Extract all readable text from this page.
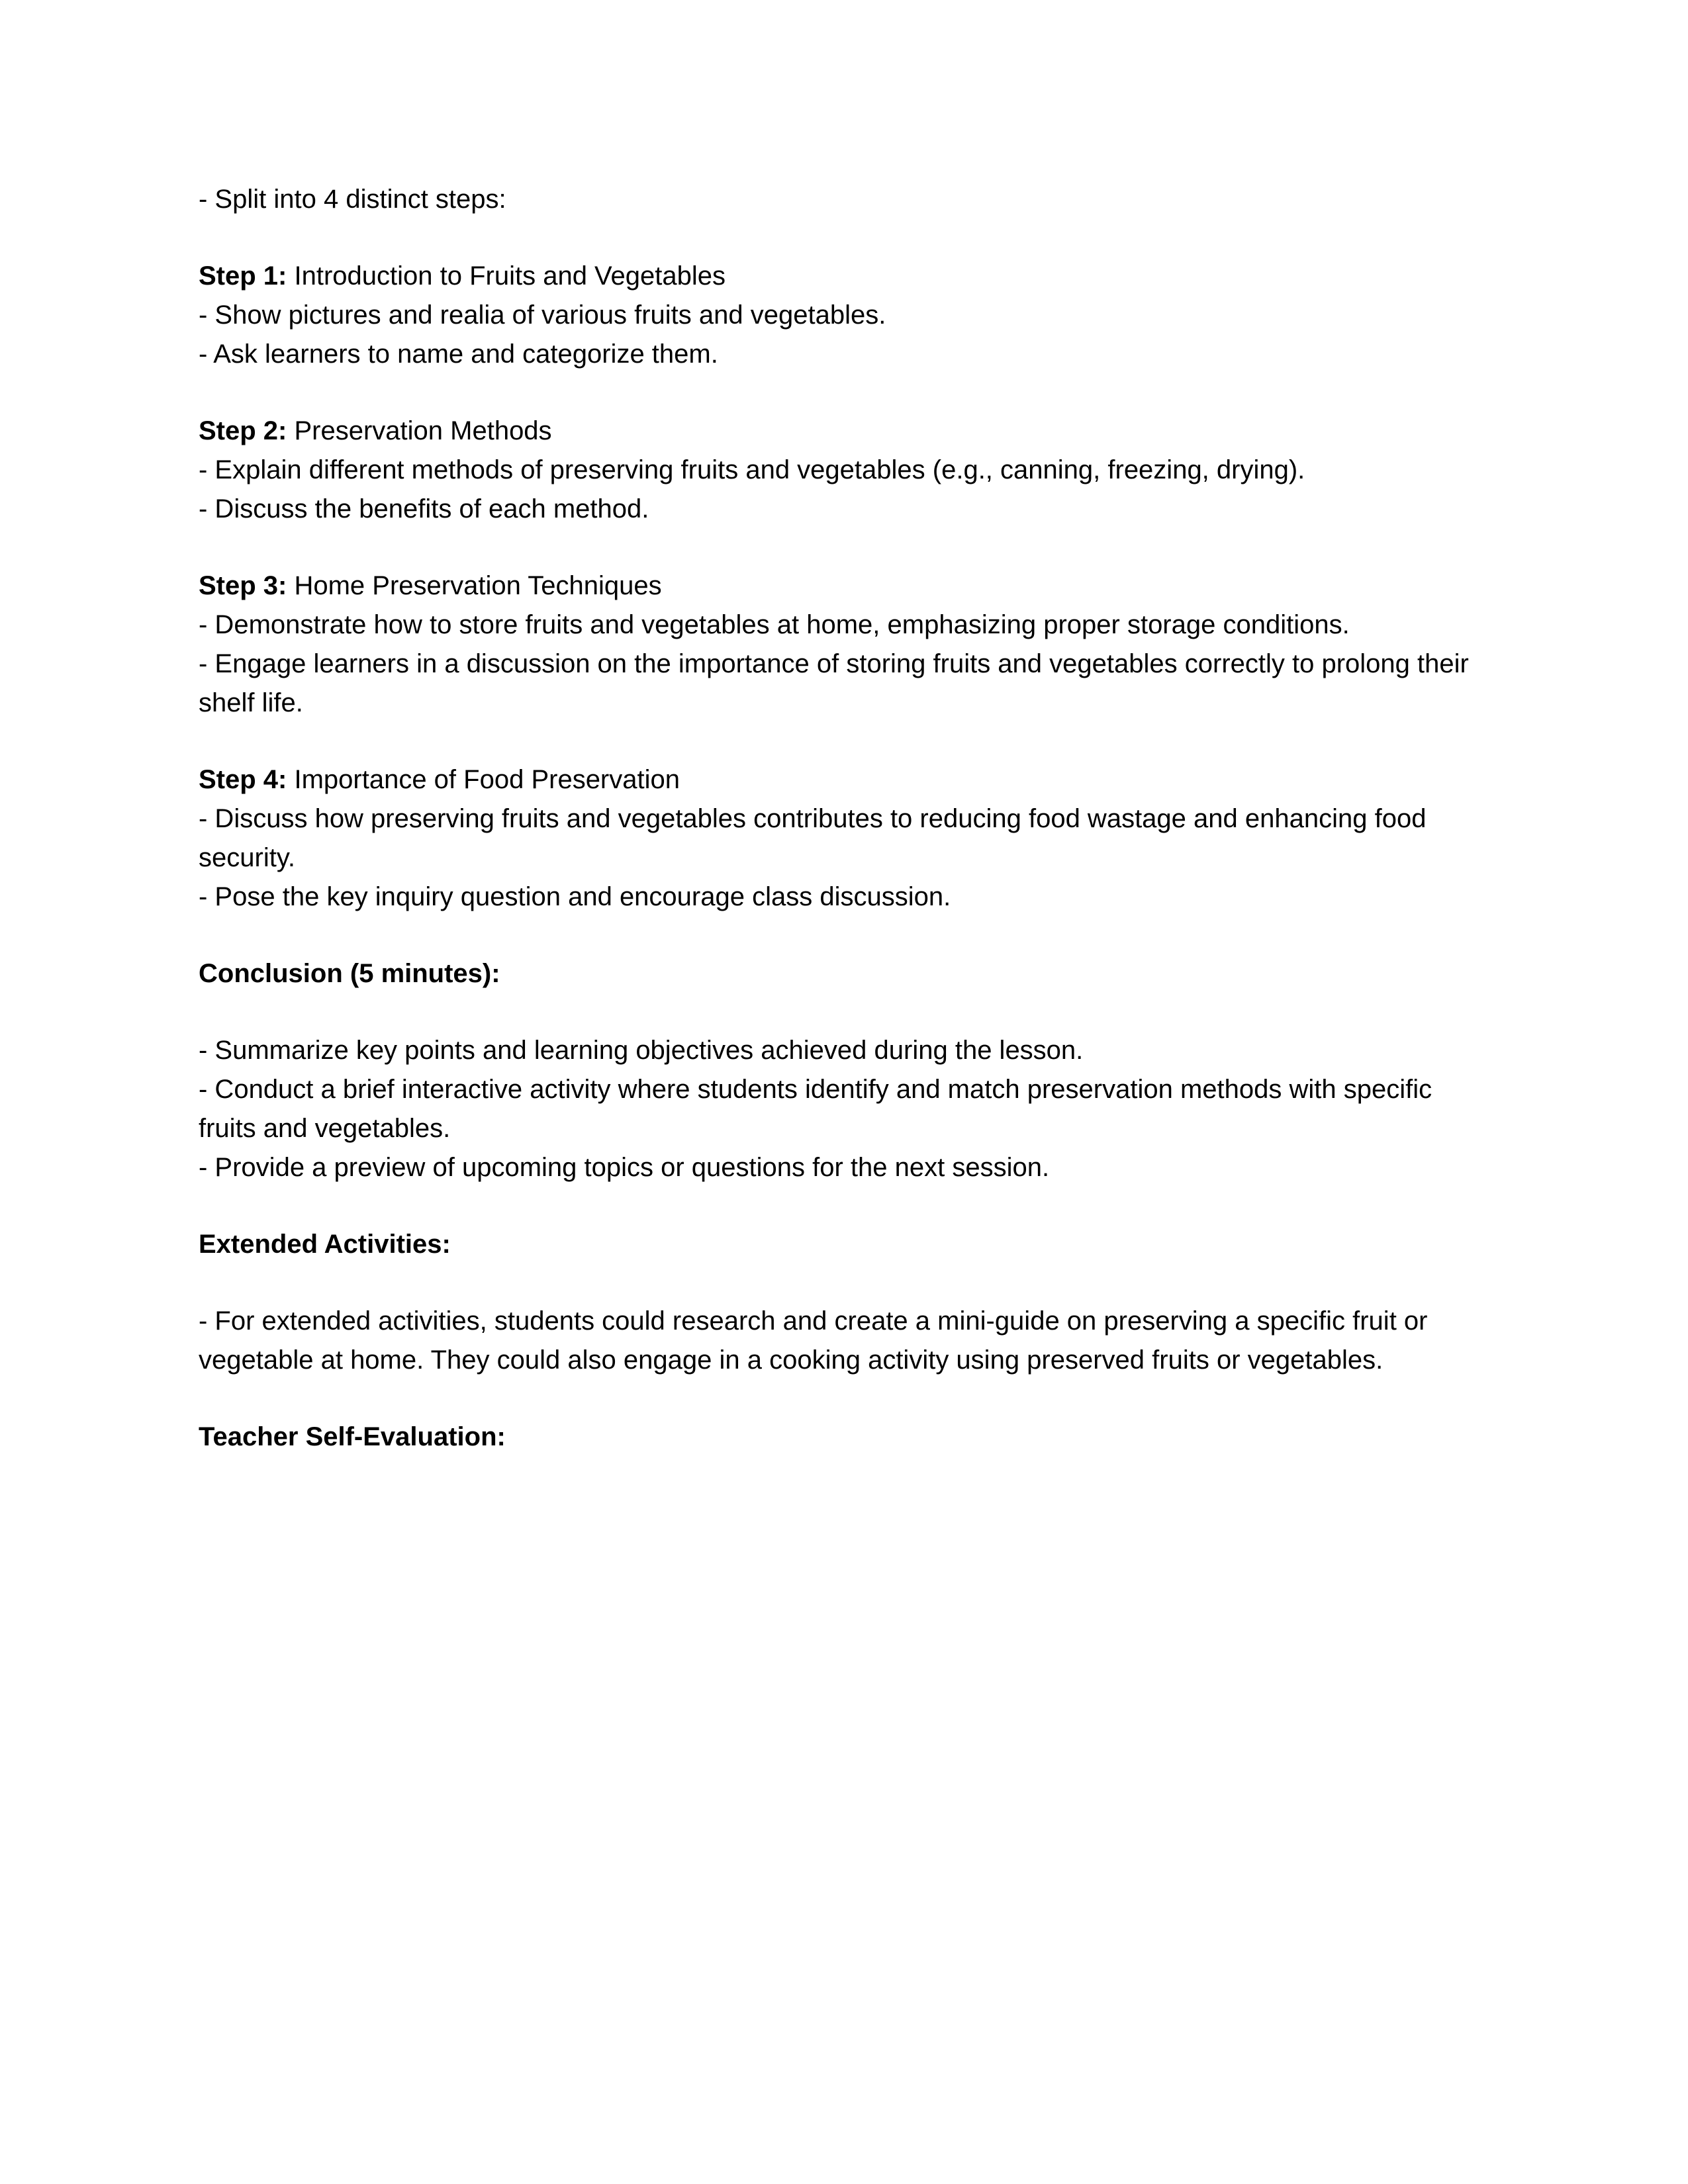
- Split into 4 distinct steps:
Step 1: Introduction to Fruits and Vegetables
- Show pictures and realia of various fruits and vegetables.
- Ask learners to name and categorize them.
Step 2: Preservation Methods
- Explain different methods of preserving fruits and vegetables (e.g., canning, freezing, drying).
- Discuss the benefits of each method.
Step 3: Home Preservation Techniques
- Demonstrate how to store fruits and vegetables at home, emphasizing proper storage conditions.
- Engage learners in a discussion on the importance of storing fruits and vegetables correctly to prolong their shelf life.
Step 4: Importance of Food Preservation
- Discuss how preserving fruits and vegetables contributes to reducing food wastage and enhancing food security.
- Pose the key inquiry question and encourage class discussion.
Conclusion (5 minutes):
- Summarize key points and learning objectives achieved during the lesson.
- Conduct a brief interactive activity where students identify and match preservation methods with specific fruits and vegetables.
- Provide a preview of upcoming topics or questions for the next session.
Extended Activities:
- For extended activities, students could research and create a mini-guide on preserving a specific fruit or vegetable at home. They could also engage in a cooking activity using preserved fruits or vegetables.
Teacher Self-Evaluation:
